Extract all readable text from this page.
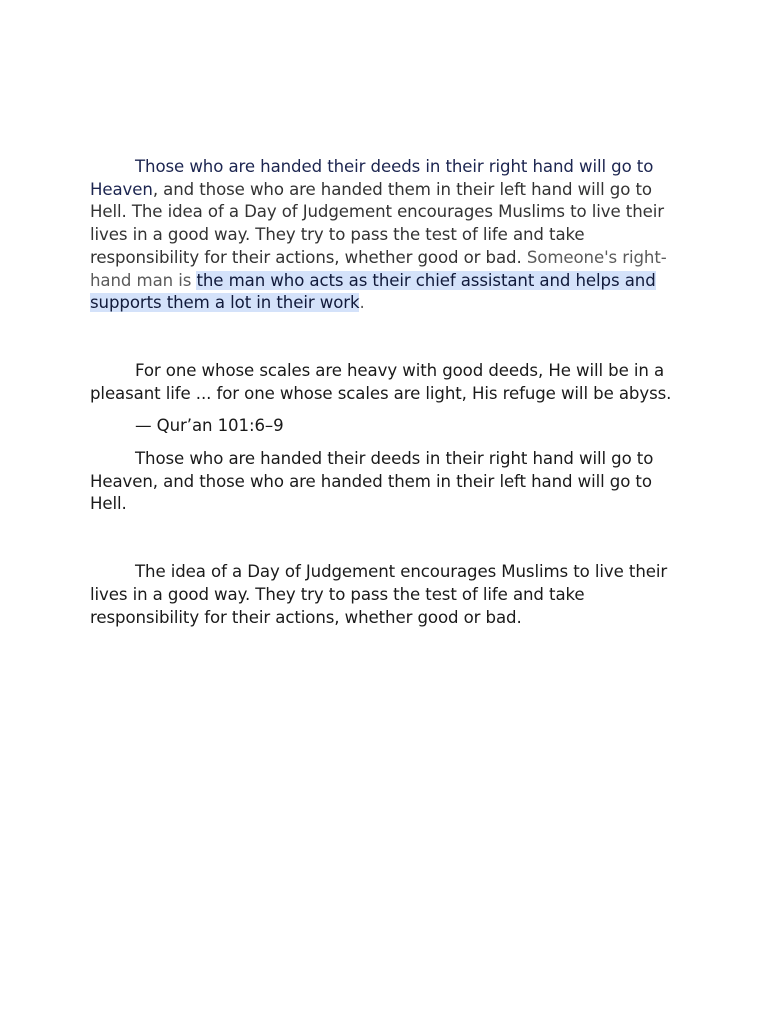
Those who are handed their deeds in their right hand will go to Heaven, and those who are handed them in their left hand will go to Hell. The idea of a Day of Judgement encourages Muslims to live their lives in a good way. They try to pass the test of life and take responsibility for their actions, whether good or bad. Someone's right-hand man is the man who acts as their chief assistant and helps and supports them a lot in their work.

For one whose scales are heavy with good deeds, He will be in a pleasant life ... for one whose scales are light, His refuge will be abyss.

— Qur’an 101:6–9

Those who are handed their deeds in their right hand will go to Heaven, and those who are handed them in their left hand will go to Hell.

The idea of a Day of Judgement encourages Muslims to live their lives in a good way. They try to pass the test of life and take responsibility for their actions, whether good or bad.
